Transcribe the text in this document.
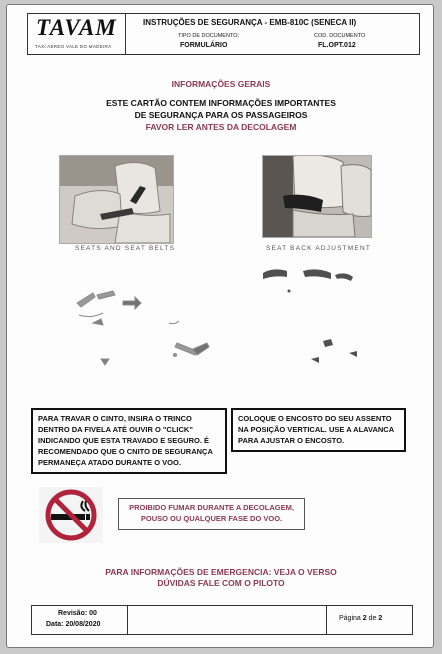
TAVAM
TAXI AEREO VALE DO MADEIRA
INSTRUÇÕES DE SEGURANÇA - EMB-810C (SENECA II)
TIPO DE DOCUMENTO:
FORMULÁRIO
COD. DOCUMENTO
FL.OPT.012
INFORMAÇÕES GERAIS
ESTE CARTÃO CONTEM INFORMAÇÕES IMPORTANTES
DE SEGURANÇA PARA OS PASSAGEIROS
FAVOR LER ANTES DA DECOLAGEM
SEATS AND SEAT BELTS	SEAT BACK ADJUSTMENT
PARA TRAVAR O CINTO, INSIRA O TRINCO DENTRO DA FIVELA ATÉ OUVIR O "CLICK" INDICANDO QUE ESTA TRAVADO E SEGURO. É RECOMENDADO QUE O CNITO DE SEGURANÇA PERMANEÇA ATADO DURANTE O VOO.
COLOQUE O ENCOSTO DO SEU ASSENTO NA POSIÇÃO VERTICAL. USE A ALAVANCA PARA AJUSTAR O ENCOSTO.
PROIBIDO FUMAR DURANTE A DECOLAGEM,
POUSO OU QUALQUER FASE DO VOO.
PARA INFORMAÇÕES DE EMERGENCIA: VEJA O VERSO
DÚVIDAS FALE COM O PILOTO
Revisão: 00
Data: 20/08/2020
Página 2 de 2
